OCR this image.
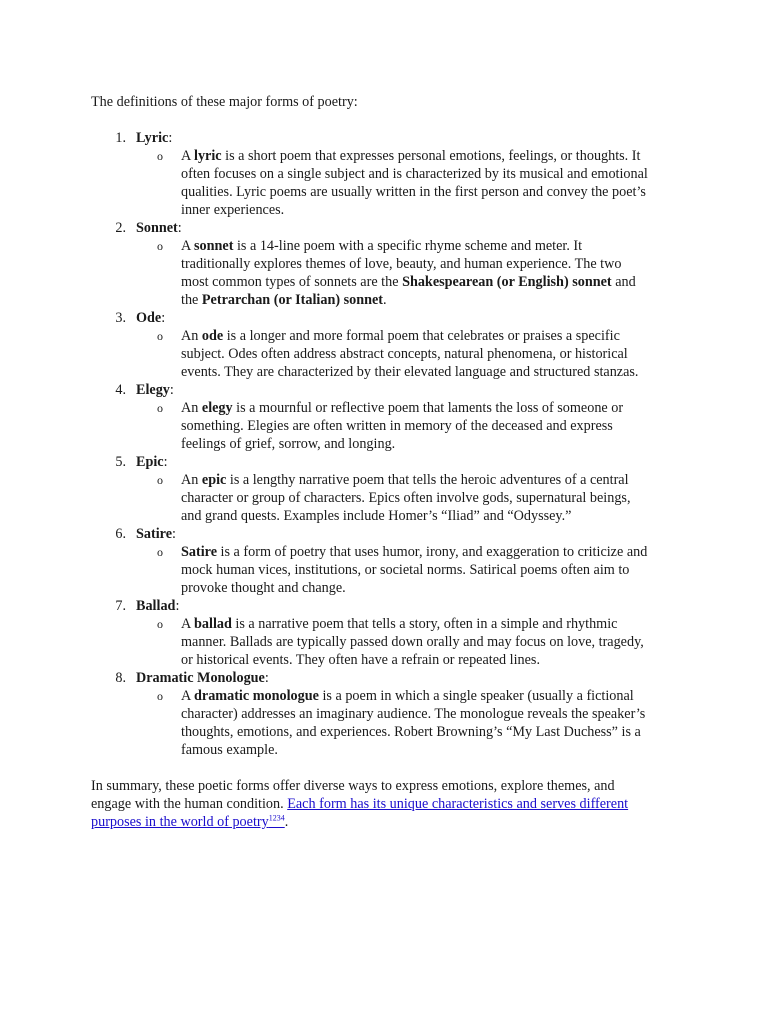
The definitions of these major forms of poetry:

1. Lyric:
o A lyric is a short poem that expresses personal emotions, feelings, or thoughts. It
often focuses on a single subject and is characterized by its musical and emotional
qualities. Lyric poems are usually written in the first person and convey the poet’s
inner experiences.
2. Sonnet:
o A sonnet is a 14-line poem with a specific rhyme scheme and meter. It
traditionally explores themes of love, beauty, and human experience. The two
most common types of sonnets are the Shakespearean (or English) sonnet and
the Petrarchan (or Italian) sonnet.
3. Ode:
o An ode is a longer and more formal poem that celebrates or praises a specific
subject. Odes often address abstract concepts, natural phenomena, or historical
events. They are characterized by their elevated language and structured stanzas.
4. Elegy:
o An elegy is a mournful or reflective poem that laments the loss of someone or
something. Elegies are often written in memory of the deceased and express
feelings of grief, sorrow, and longing.
5. Epic:
o An epic is a lengthy narrative poem that tells the heroic adventures of a central
character or group of characters. Epics often involve gods, supernatural beings,
and grand quests. Examples include Homer’s “Iliad” and “Odyssey.”
6. Satire:
o Satire is a form of poetry that uses humor, irony, and exaggeration to criticize and
mock human vices, institutions, or societal norms. Satirical poems often aim to
provoke thought and change.
7. Ballad:
o A ballad is a narrative poem that tells a story, often in a simple and rhythmic
manner. Ballads are typically passed down orally and may focus on love, tragedy,
or historical events. They often have a refrain or repeated lines.
8. Dramatic Monologue:
o A dramatic monologue is a poem in which a single speaker (usually a fictional
character) addresses an imaginary audience. The monologue reveals the speaker’s
thoughts, emotions, and experiences. Robert Browning’s “My Last Duchess” is a
famous example.
In summary, these poetic forms offer diverse ways to express emotions, explore themes, and
engage with the human condition. Each form has its unique characteristics and serves different
purposes in the world of poetry$^{1234}$.
